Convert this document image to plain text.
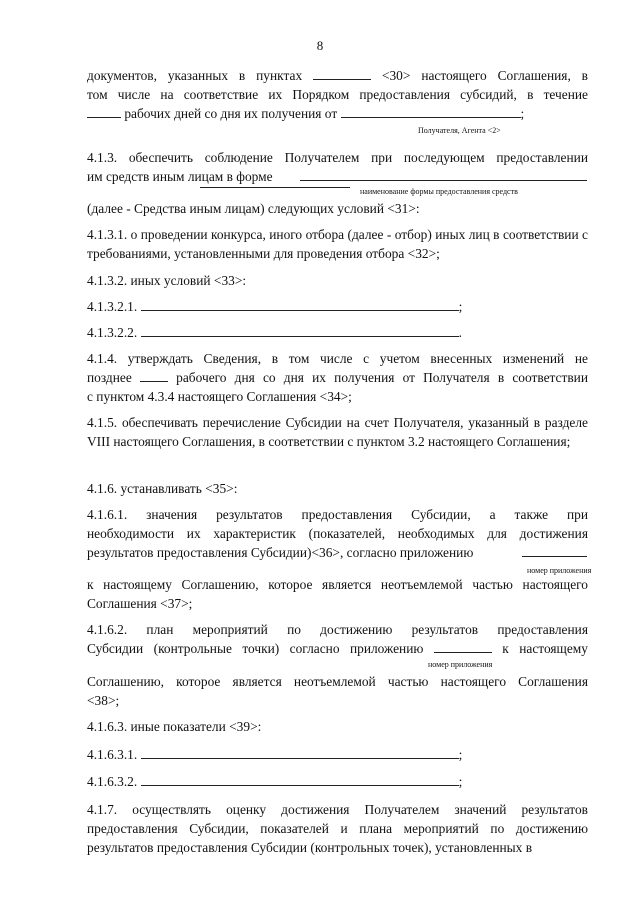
8
документов, указанных в пунктах	<30> настоящего Соглашения, в
том числе на соответствие их Порядком предоставления субсидий, в течение
рабочих дней со дня их получения от	;
Получателя, Агента <2>
4.1.3. обеспечить соблюдение Получателем при последующем предоставлении
им средств иным лицам в форме
наименование формы предоставления средств
(далее - Средства иным лицам) следующих условий <31>:
4.1.3.1. о проведении конкурса, иного отбора (далее - отбор) иных лиц в соответствии с требованиями, установленными для проведения отбора <32>;
4.1.3.2. иных условий <33>:
4.1.3.2.1.	;
4.1.3.2.2.	.
4.1.4. утверждать Сведения, в том числе с учетом внесенных изменений не
позднее	рабочего дня со дня их получения от Получателя в соответствии
с пунктом 4.3.4 настоящего Соглашения <34>;
4.1.5. обеспечивать перечисление Субсидии на счет Получателя, указанный в разделе VIII настоящего Соглашения, в соответствии с пунктом 3.2 настоящего Соглашения;
4.1.6. устанавливать <35>:
4.1.6.1. значения результатов предоставления Субсидии, а также при
необходимости их характеристик (показателей, необходимых для достижения
результатов предоставления Субсидии)<36>, согласно приложению
номер приложения
к настоящему Соглашению, которое является неотъемлемой частью настоящего
Соглашения <37>;
4.1.6.2. план мероприятий по достижению результатов предоставления
Субсидии (контрольные точки) согласно приложению	к настоящему
номер приложения
Соглашению, которое является неотъемлемой частью настоящего Соглашения
<38>;
4.1.6.3. иные показатели <39>:
4.1.6.3.1.	;
4.1.6.3.2.	;
4.1.7. осуществлять оценку достижения Получателем значений результатов предоставления Субсидии, показателей и плана мероприятий по достижению результатов предоставления Субсидии (контрольных точек), установленных в
